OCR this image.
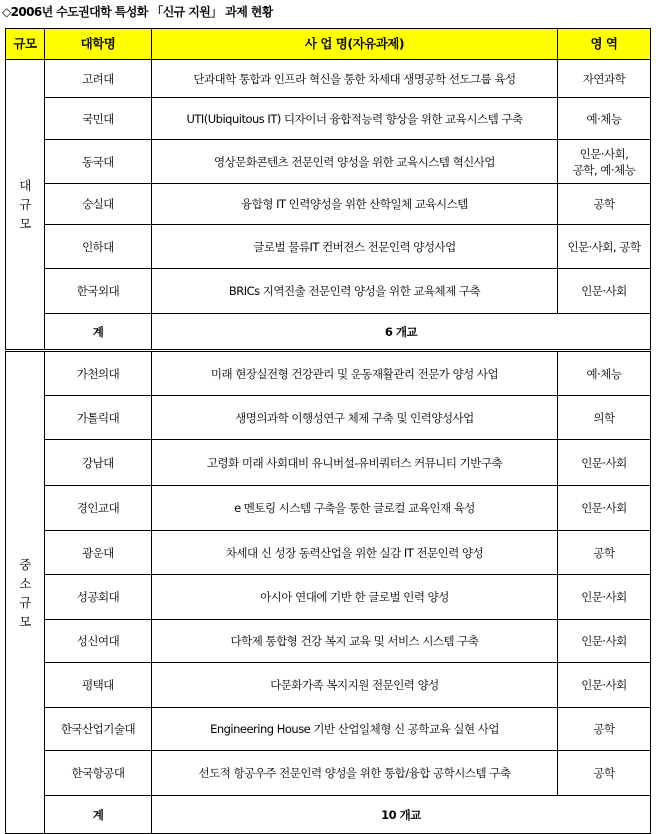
◇2006년 수도권대학 특성화 「신규 지원」 과제 현황
규모	대학명	사 업 명(자유과제)	영 역
대
규
모	고려대	단과대학 통합과 인프라 혁신을 통한 차세대 생명공학 선도그룹 육성	자연과학
	국민대	UTI(Ubiquitous IT) 디자이너 융합적능력 향상을 위한 교육시스템 구축	예·체능
	동국대	영상문화콘텐츠 전문인력 양성을 위한 교육시스템 혁신사업	인문·사회,
공학, 예·체능
	숭실대	융합형 IT 인력양성을 위한 산학일체 교육시스템	공학
	인하대	글로벌 물류IT 컨버젼스 전문인력 양성사업	인문·사회, 공학
	한국외대	BRICs 지역진출 전문인력 양성을 위한 교육체제 구축	인문·사회
	계	6 개교	

중
소
규
모	가천의대	미래 현장실전형 건강관리 및 운동재활관리 전문가 양성 사업	예·체능
	가톨릭대	생명의과학 이행성연구 체제 구축 및 인력양성사업	의학
	강남대	고령화 미래 사회대비 유니버설-유비쿼터스 커뮤니티 기반구축	인문·사회
	경인교대	e 멘토링 시스템 구축을 통한 글로컬 교육인재 육성	인문·사회
	광운대	차세대 신 성장 동력산업을 위한 실감 IT 전문인력 양성	공학
	성공회대	아시아 연대에 기반 한 글로벌 인력 양성	인문·사회
	성신여대	다학제 통합형 건강 복지 교육 및 서비스 시스템 구축	인문·사회
	평택대	다문화가족 복지지원 전문인력 양성	인문·사회
	한국산업기술대	Engineering House 기반 산업일체형 신 공학교육 실현 사업	공학
	한국항공대	선도적 항공우주 전문인력 양성을 위한 통합/융합 공학시스템 구축	공학
	계	10 개교	
